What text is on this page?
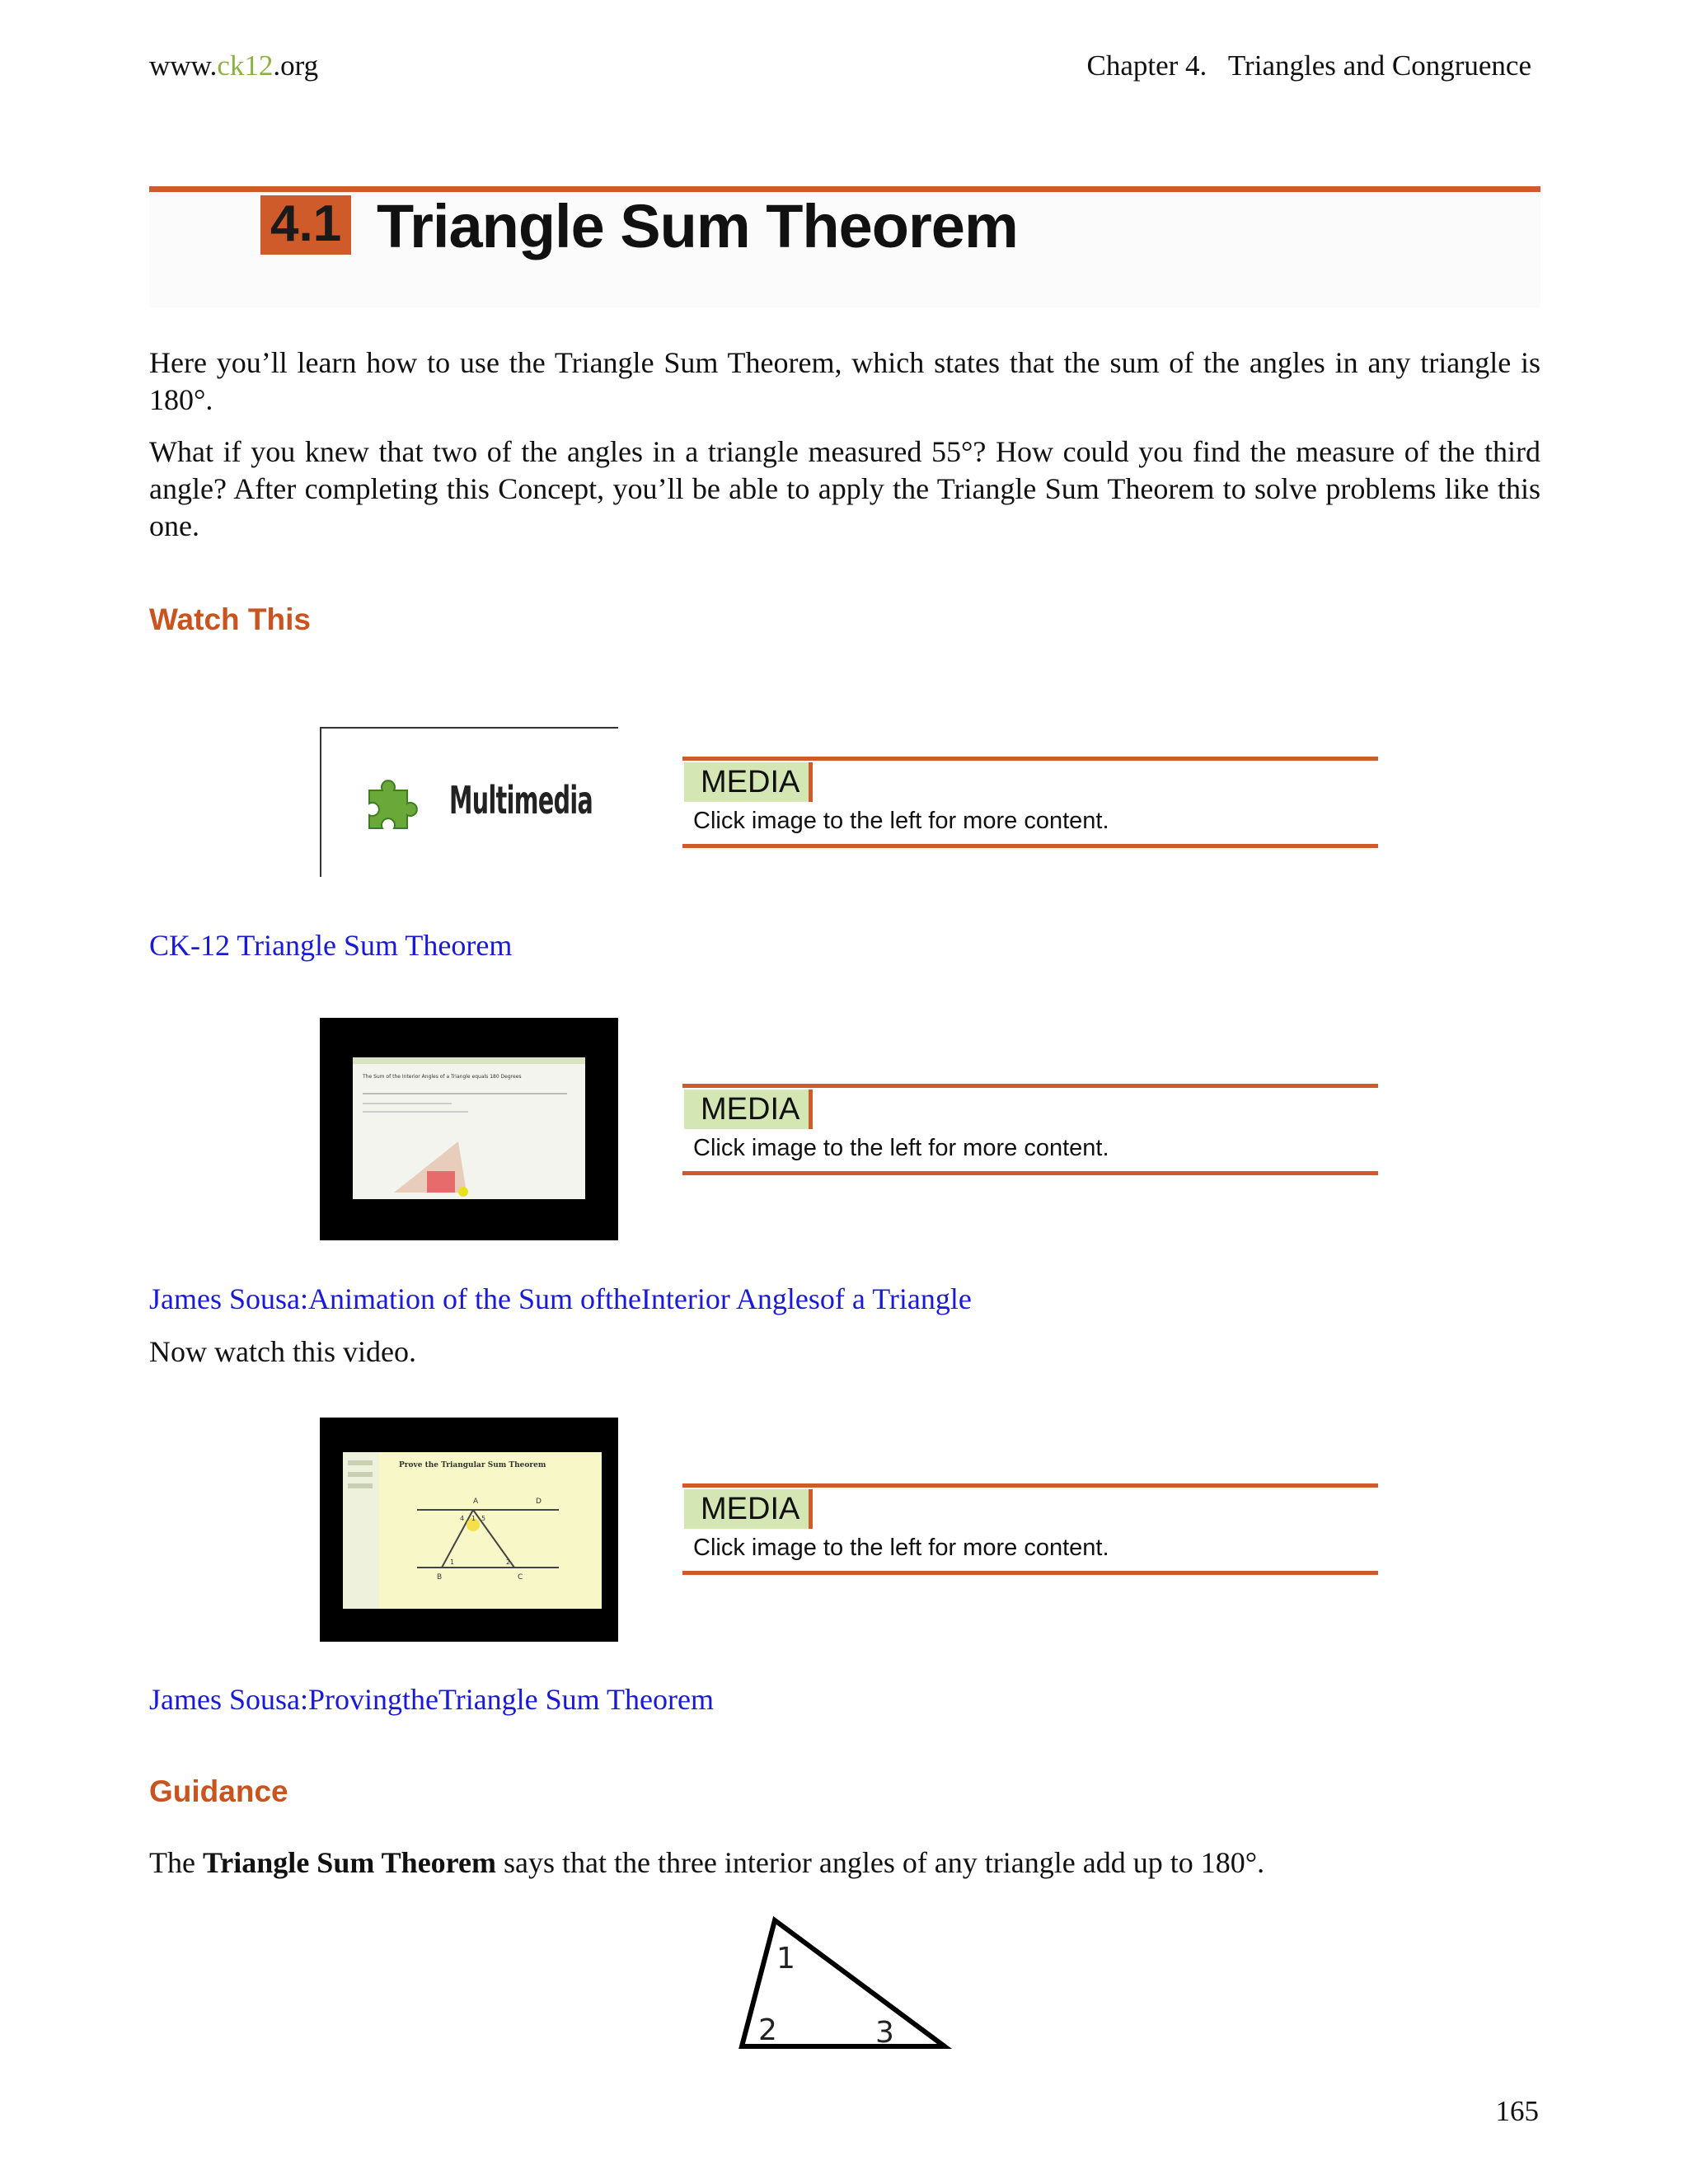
www.ck12.org	Chapter 4.   Triangles and Congruence
4.1 Triangle Sum Theorem
Here you’ll learn how to use the Triangle Sum Theorem, which states that the sum of the angles in any triangle is 180°.
What if you knew that two of the angles in a triangle measured 55°? How could you find the measure of the third angle? After completing this Concept, you’ll be able to apply the Triangle Sum Theorem to solve problems like this one.
Watch This
Multimedia	MEDIA
Click image to the left for more content.
CK-12 Triangle Sum Theorem
The Sum of the Interior Angles of a Triangle equals 180 Degrees
MEDIA
Click image to the left for more content.
James Sousa:Animation of the Sum oftheInterior Anglesof a Triangle
Now watch this video.
Prove the Triangular Sum Theorem
A	D
B	C
4 1 5
1	2
MEDIA
Click image to the left for more content.
James Sousa:ProvingtheTriangle Sum Theorem
Guidance
The Triangle Sum Theorem says that the three interior angles of any triangle add up to 180°.
1
2	3
165
